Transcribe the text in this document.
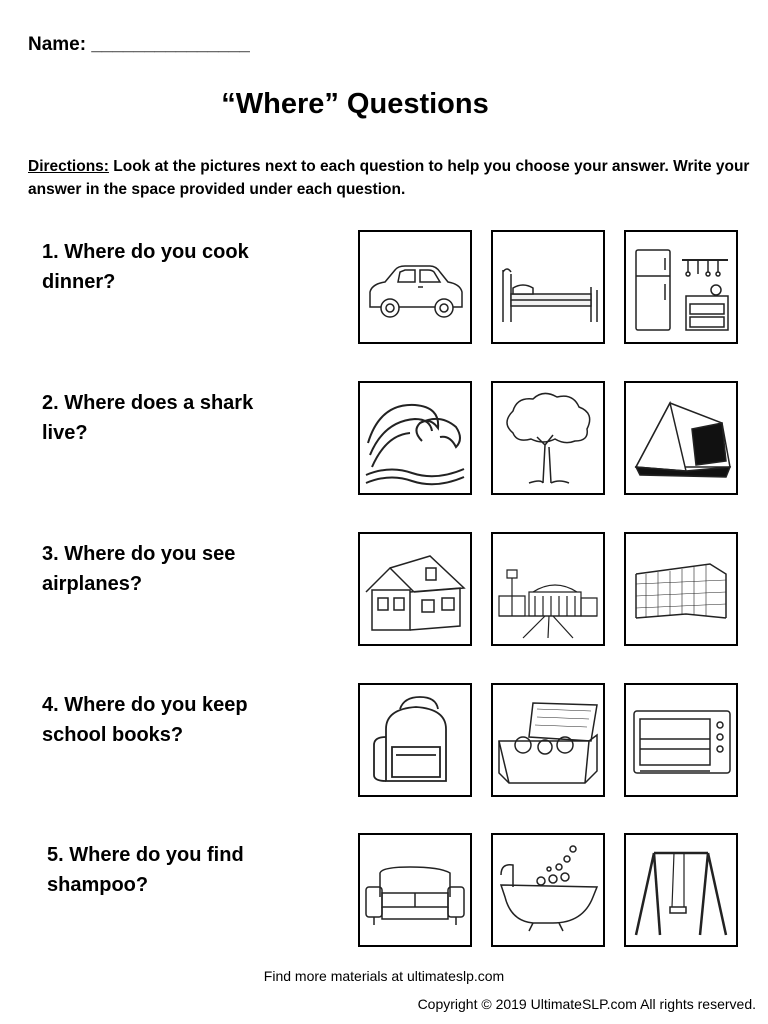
Name: _______________
“Where” Questions
Directions: Look at the pictures next to each question to help you choose your answer. Write your answer in the space provided under each question.
1. Where do you cook
dinner?
2. Where does a shark
live?
3. Where do you see
airplanes?
4. Where do you keep
school books?
5. Where do you find
shampoo?
Find more materials at ultimateslp.com
Copyright © 2019 UltimateSLP.com All rights reserved.
